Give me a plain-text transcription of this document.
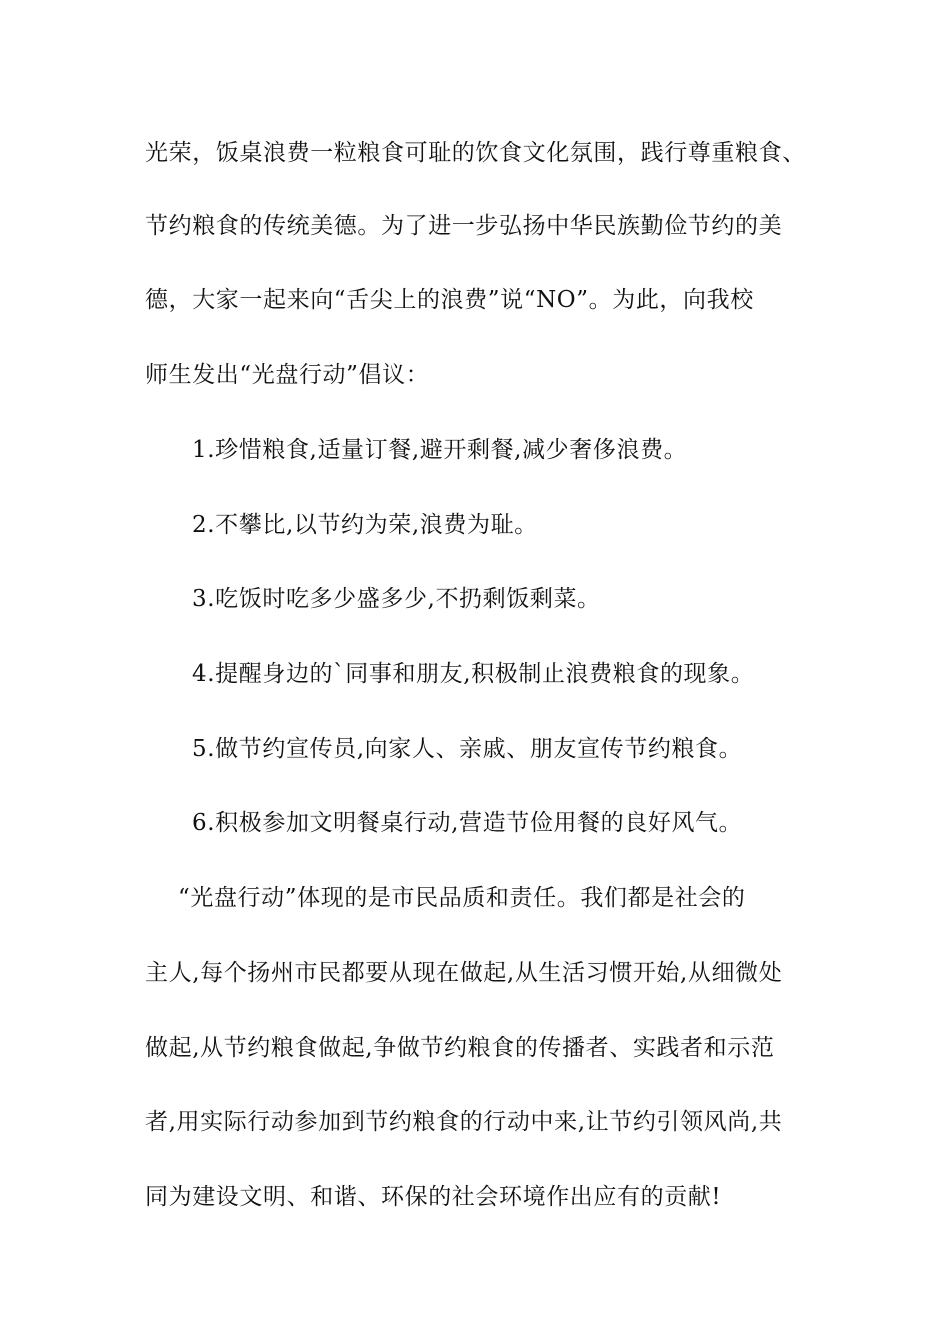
光荣，饭桌浪费一粒粮食可耻的饮食文化氛围，践行尊重粮食、
节约粮食的传统美德。为了进一步弘扬中华民族勤俭节约的美
德，大家一起来向“舌尖上的浪费”说“NO”。为此，向我校
师生发出“光盘行动”倡议：
1.珍惜粮食,适量订餐,避开剩餐,减少奢侈浪费。
2.不攀比,以节约为荣,浪费为耻。
3.吃饭时吃多少盛多少,不扔剩饭剩菜。
4.提醒身边的`同事和朋友,积极制止浪费粮食的现象。
5.做节约宣传员,向家人、亲戚、朋友宣传节约粮食。
6.积极参加文明餐桌行动,营造节俭用餐的良好风气。
“光盘行动”体现的是市民品质和责任。我们都是社会的
主人,每个扬州市民都要从现在做起,从生活习惯开始,从细微处
做起,从节约粮食做起,争做节约粮食的传播者、实践者和示范
者,用实际行动参加到节约粮食的行动中来,让节约引领风尚,共
同为建设文明、和谐、环保的社会环境作出应有的贡献!
